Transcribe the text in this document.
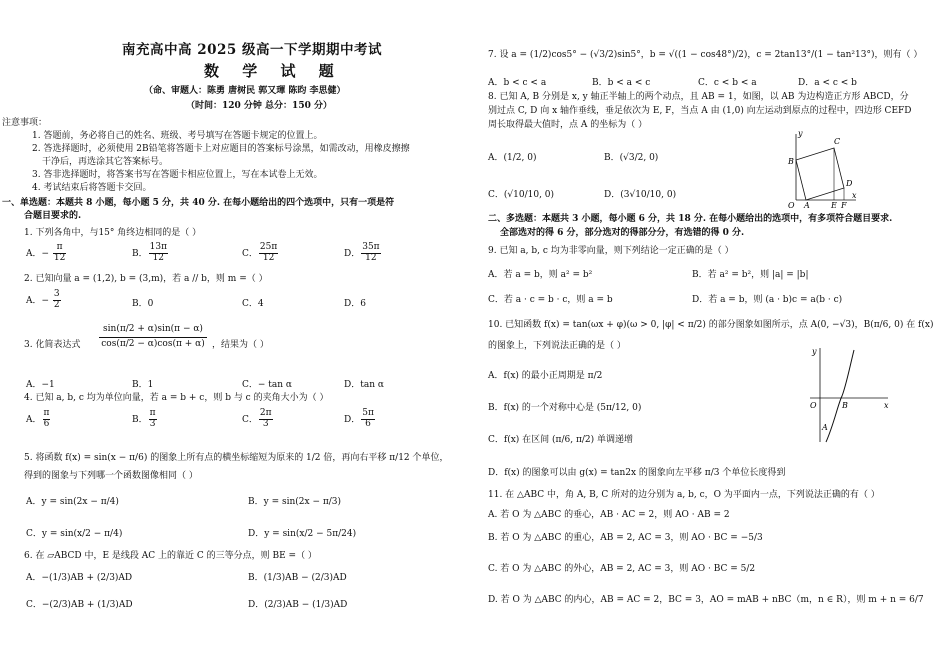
南充高中高 2025 级高一下学期期中考试
数 学 试 题
（命、审题人：陈勇 唐树民 郭又琿 陈昀 李思健）
（时间：120 分钟 总分：150 分）
注意事项：
1. 答题前，务必将自己的姓名、班级、考号填写在答题卡规定的位置上。
2. 答选择题时，必须使用 2B铅笔将答题卡上对应题目的答案标号涂黑，如需改动，用橡皮擦擦
干净后，再选涂其它答案标号。
3. 答非选择题时，将答案书写在答题卡相应位置上，写在本试卷上无效。
4. 考试结束后将答题卡交回。
一、单选题：本题共 8 小题，每小题 5 分，共 40 分. 在每小题给出的四个选项中，只有一项是符
合题目要求的.
1. 下列各角中，与15° 角终边相同的是（ ）
A．− $\frac{\pi}{12}$	B． $\frac{13\pi}{12}$	C． $\frac{25\pi}{12}$	D． $\frac{35\pi}{12}$
2. 已知向量 a = (1,2), b = (3,m)，若 a // b，则 m =（ ）
A．− $\frac{3}{2}$	B．0	C．4	D．6
3. 化简表达式 $\frac{\sin(\pi/2 + \alpha)\sin(\pi - \alpha)}{\cos(\pi/2 - \alpha)\cos(\pi + \alpha)}$ ，结果为（ ）
A．−1	B．1	C．− tan α	D．tan α
4. 已知 a, b, c 均为单位向量，若 a = b + c，则 b 与 c 的夹角大小为（ ）
A． $\frac{\pi}{6}$	B． $\frac{\pi}{3}$	C． $\frac{2\pi}{3}$	D． $\frac{5\pi}{6}$
5. 将函数 f(x) = sin(x − π/6) 的图象上所有点的横坐标缩短为原来的 1/2 倍，再向右平移 π/12 个单位，
得到的图象与下列哪一个函数图像相同（ ）
A．y = sin(2x − π/4)	B．y = sin(2x − π/3)
C．y = sin(x/2 − π/4)	D．y = sin(x/2 − 5π/24)
6. 在 ▱ABCD 中，E 是线段 AC 上的靠近 C 的三等分点，则 BE =（ ）
A．−(1/3)AB + (2/3)AD	B．(1/3)AB − (2/3)AD
C．−(2/3)AB + (1/3)AD	D．(2/3)AB − (1/3)AD
7. 设 a = (1/2)cos5° − (√3/2)sin5°，b = √((1 − cos48°)/2)，c = 2tan13°/(1 − tan²13°)，则有（ ）
A．b < c < a	B．b < a < c	C．c < b < a	D．a < c < b
8. 已知 A, B 分别是 x, y 轴正半轴上的两个动点，且 AB = 1，如图，以 AB 为边构造正方形 ABCD，分
别过点 C, D 向 x 轴作垂线，垂足依次为 E, F，当点 A 由 (1,0) 向左运动到原点的过程中，四边形 CEFD
周长取得最大值时，点 A 的坐标为（ ）
A．(1/2, 0)	B．(√3/2, 0)
C．(√10/10, 0)	D．(3√10/10, 0)
B
C
D
O A	E F
x
y
二、多选题：本题共 3 小题，每小题 6 分，共 18 分. 在每小题给出的选项中，有多项符合题目要求.
全部选对的得 6 分，部分选对的得部分分，有选错的得 0 分.
9. 已知 a, b, c 均为非零向量，则下列结论一定正确的是（ ）
A．若 a = b，则 a² = b²	B．若 a² = b²，则 |a| = |b|
C．若 a · c = b · c，则 a = b	D．若 a = b，则 (a · b)c = a(b · c)
10. 已知函数 f(x) = tan(ωx + φ)(ω > 0, |φ| < π/2) 的部分图象如图所示，点 A(0, −√3)，B(π/6, 0) 在 f(x)
的图象上，下列说法正确的是（ ）
A．f(x) 的最小正周期是 π/2
B．f(x) 的一个对称中心是 (5π/12, 0)
C．f(x) 在区间 (π/6, π/2) 单调递增
D．f(x) 的图象可以由 g(x) = tan2x 的图象向左平移 π/3 个单位长度得到
y
O	B
A
x
11. 在 △ABC 中，角 A, B, C 所对的边分别为 a, b, c，O 为平面内一点，下列说法正确的有（ ）
A. 若 O 为 △ABC 的垂心，AB · AC = 2，则 AO · AB = 2
B. 若 O 为 △ABC 的重心，AB = 2, AC = 3，则 AO · BC = −5/3
C. 若 O 为 △ABC 的外心，AB = 2, AC = 3，则 AO · BC = 5/2
D. 若 O 为 △ABC 的内心，AB = AC = 2，BC = 3，AO = mAB + nBC（m，n ∈ R），则 m + n = 6/7
